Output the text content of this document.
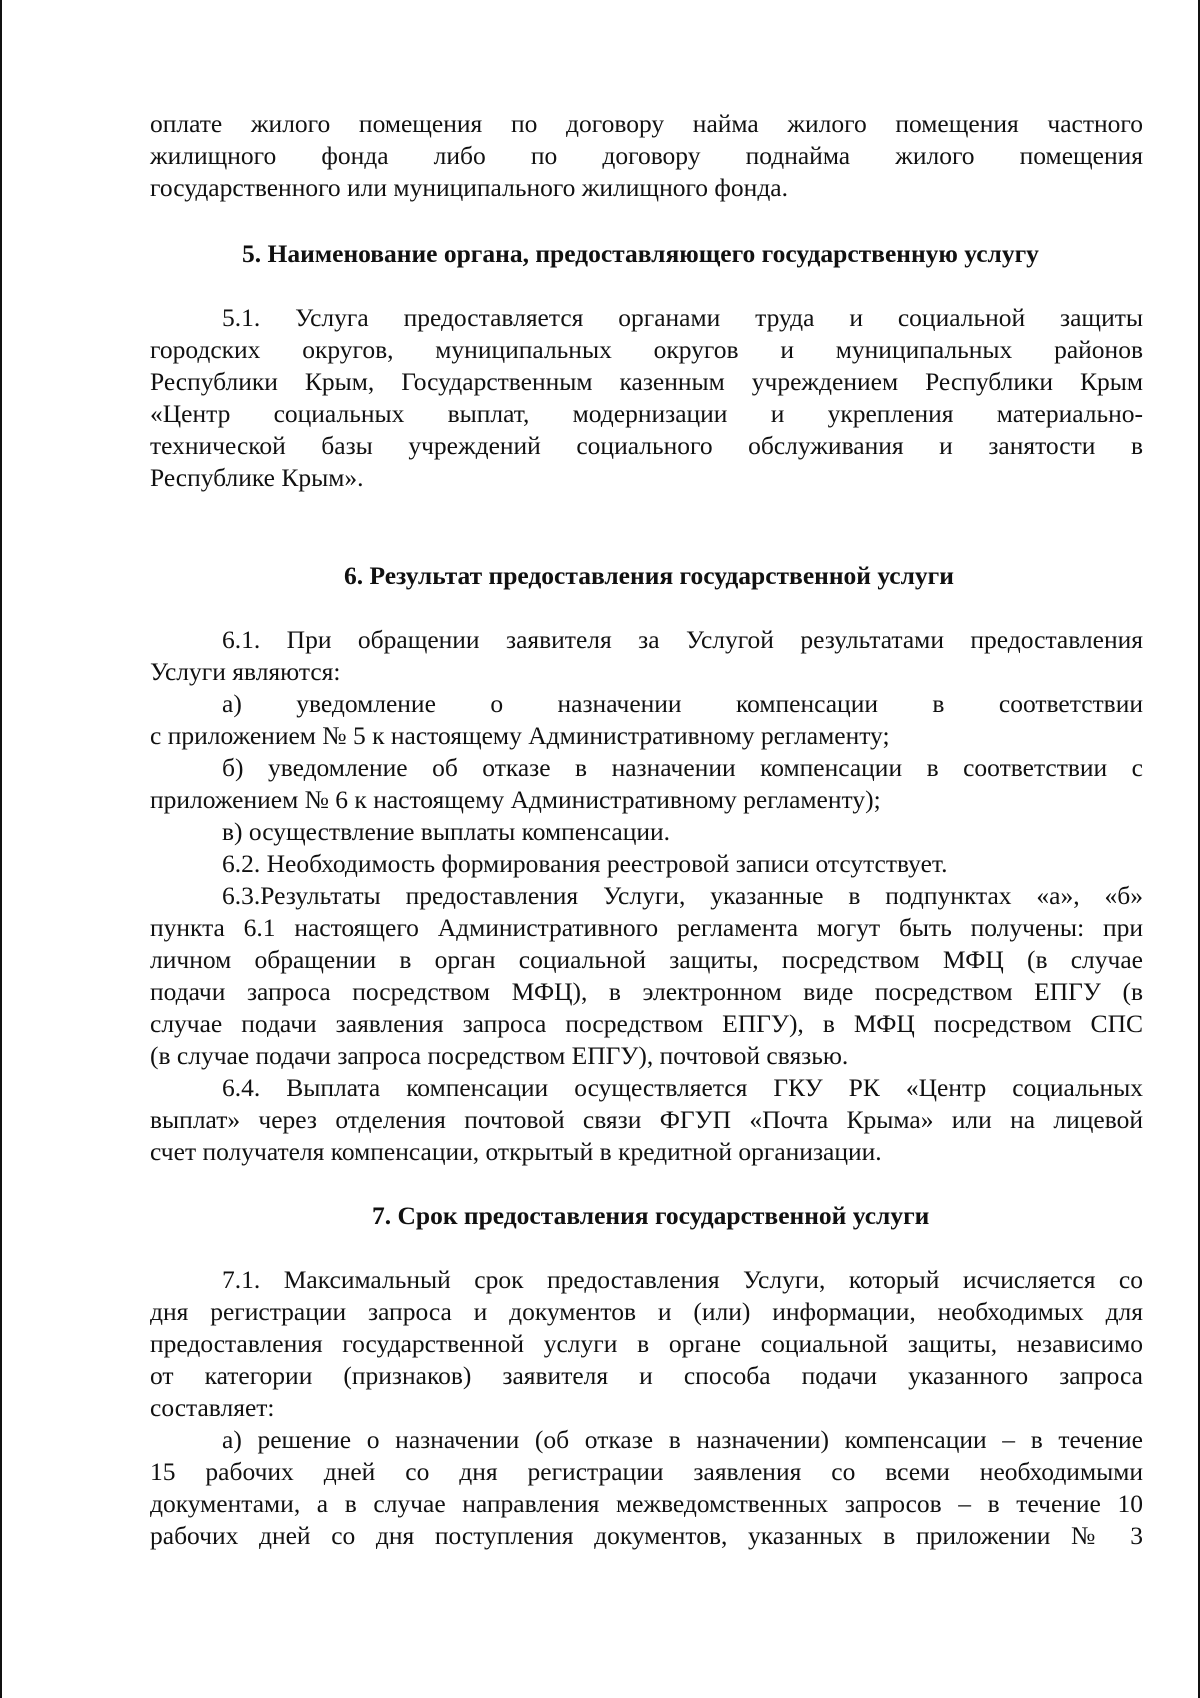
оплате жилого помещения по договору найма жилого помещения частного
жилищного фонда либо по договору поднайма жилого помещения
государственного или муниципального жилищного фонда.
5. Наименование органа, предоставляющего государственную услугу
5.1. Услуга предоставляется органами труда и социальной защиты
городских округов, муниципальных округов и муниципальных районов
Республики Крым, Государственным казенным учреждением Республики Крым
«Центр социальных выплат, модернизации и укрепления материально-
технической базы учреждений социального обслуживания и занятости в
Республике Крым».
6. Результат предоставления государственной услуги
6.1. При обращении заявителя за Услугой результатами предоставления
Услуги являются:
а) уведомление о назначении компенсации в соответствии
с приложением № 5 к настоящему Административному регламенту;
б) уведомление об отказе в назначении компенсации в соответствии с
приложением № 6 к настоящему Административному регламенту);
в) осуществление выплаты компенсации.
6.2. Необходимость формирования реестровой записи отсутствует.
6.3.Результаты предоставления Услуги, указанные в подпунктах «а», «б»
пункта 6.1 настоящего Административного регламента могут быть получены: при
личном обращении в орган социальной защиты, посредством МФЦ (в случае
подачи запроса посредством МФЦ), в электронном виде посредством ЕПГУ (в
случае подачи заявления запроса посредством ЕПГУ), в МФЦ посредством СПС
(в случае подачи запроса посредством ЕПГУ), почтовой связью.
6.4. Выплата компенсации осуществляется ГКУ РК «Центр социальных
выплат» через отделения почтовой связи ФГУП «Почта Крыма» или на лицевой
счет получателя компенсации, открытый в кредитной организации.
7. Срок предоставления государственной услуги
7.1. Максимальный срок предоставления Услуги, который исчисляется со
дня регистрации запроса и документов и (или) информации, необходимых для
предоставления государственной услуги в органе социальной защиты, независимо
от категории (признаков) заявителя и способа подачи указанного запроса
составляет:
а) решение о назначении (об отказе в назначении) компенсации – в течение
15 рабочих дней со дня регистрации заявления со всеми необходимыми
документами, а в случае направления межведомственных запросов – в течение 10
рабочих дней со дня поступления документов, указанных в приложении № 3
